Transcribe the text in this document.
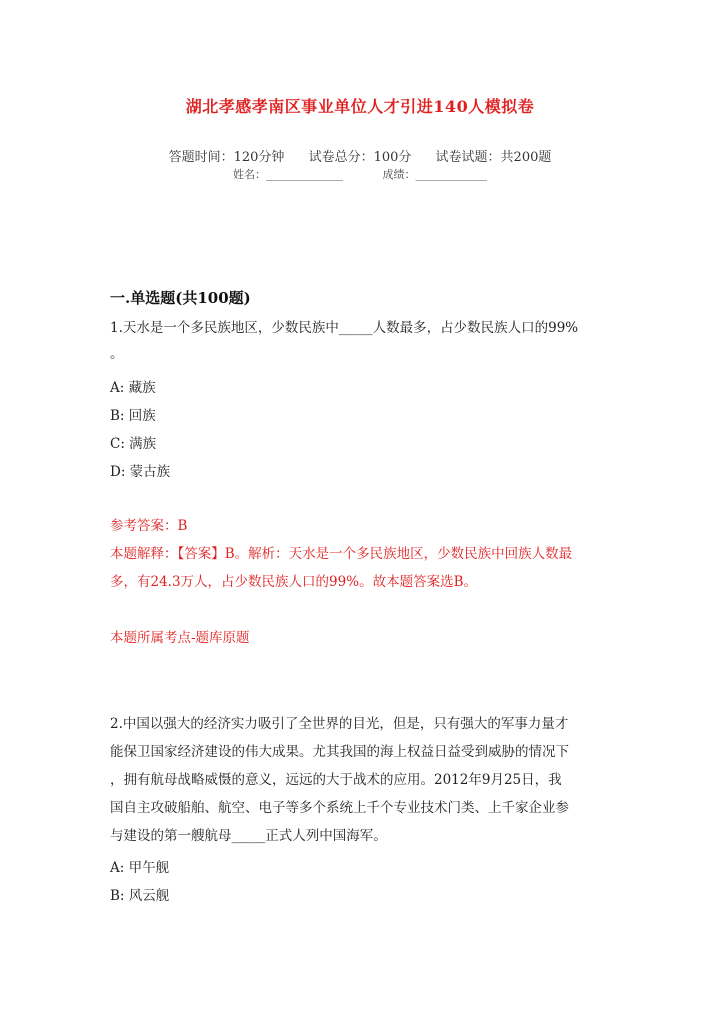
湖北孝感孝南区事业单位人才引进140人模拟卷
答题时间：120分钟 试卷总分：100分 试卷试题：共200题
姓名：______________	成绩：_____________
一.单选题(共100题)
1.天水是一个多民族地区，少数民族中_____人数最多，占少数民族人口的99%
。
A: 藏族
B: 回族
C: 满族
D: 蒙古族
参考答案：B
本题解释：【答案】B。解析：天水是一个多民族地区，少数民族中回族人数最
多，有24.3万人，占少数民族人口的99%。故本题答案选B。
本题所属考点-题库原题
2.中国以强大的经济实力吸引了全世界的目光，但是，只有强大的军事力量才
能保卫国家经济建设的伟大成果。尤其我国的海上权益日益受到威胁的情况下
，拥有航母战略威慑的意义，远远的大于战术的应用。2012年9月25日，我
国自主攻破船舶、航空、电子等多个系统上千个专业技术门类、上千家企业参
与建设的第一艘航母_____正式人列中国海军。
A: 甲午舰
B: 风云舰
